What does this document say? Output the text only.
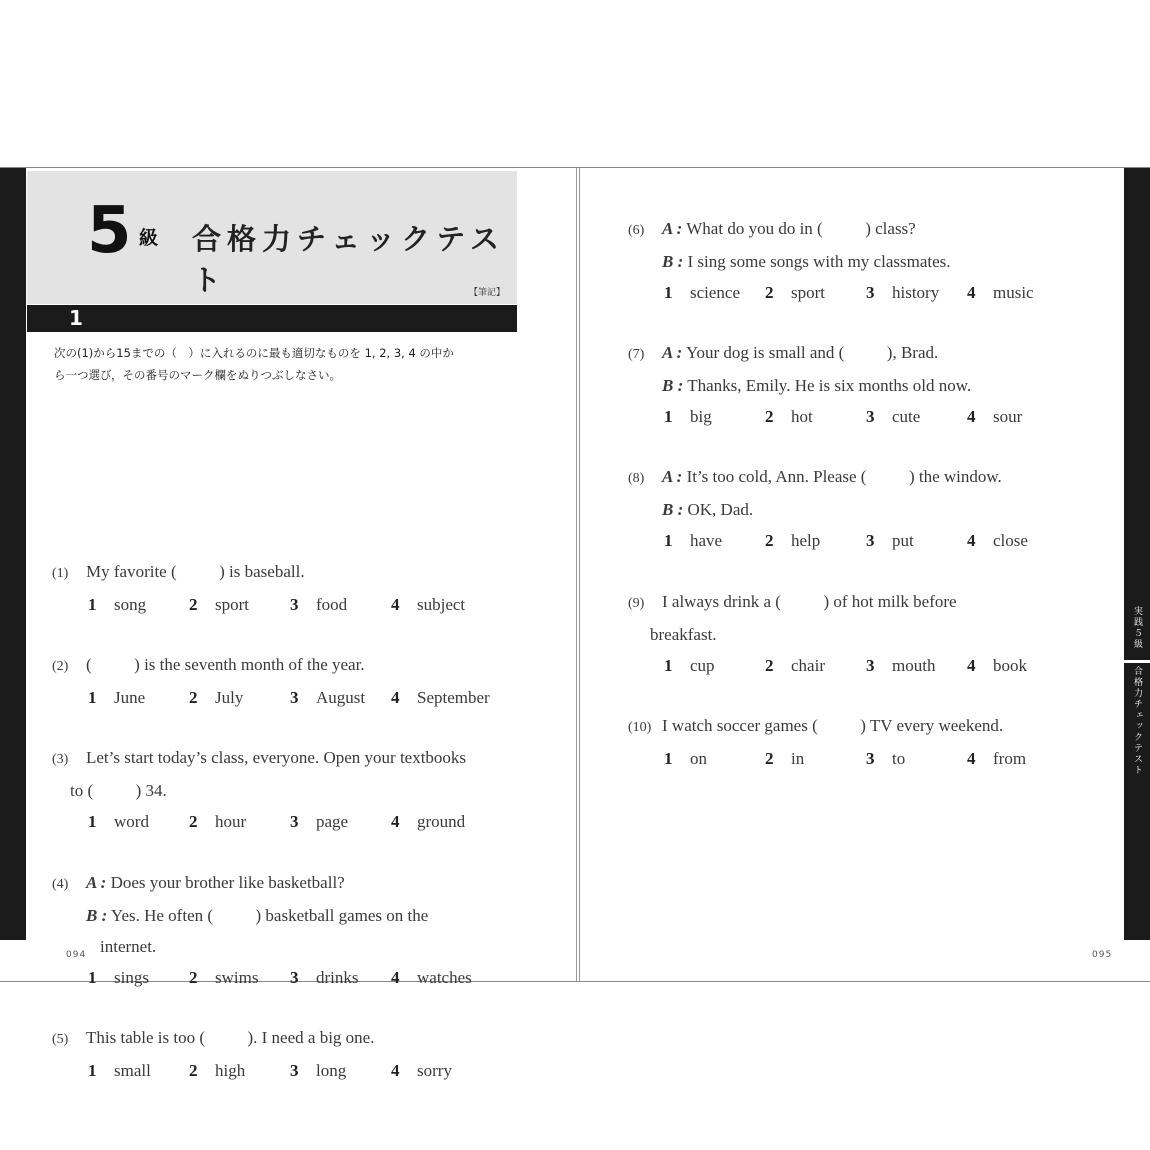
5 級 合格力チェックテスト	【筆記】
1
次の(1)から15までの（　）に入れるのに最も適切なものを 1, 2, 3, 4 の中か
ら一つ選び，その番号のマーク欄をぬりつぶしなさい。
(1) My favorite (          ) is baseball.
1 song	2 sport 3 food	4 subject
(2) (          ) is the seventh month of the year.
1 June	2 July	3 August 4 September
(3) Let’s start today’s class, everyone. Open your textbooks
to (          ) 34.
1 word 2 hour	3 page	4 ground
(4) A : Does your brother like basketball?
B : Yes. He often (          ) basketball games on the
internet.
1 sings 2 swims 3 drinks 4 watches
(5) This table is too (          ). I need a big one.
1 small 2 high	3 long	4 sorry
094
実践５級
合格力チェックテスト
(6) A : What do you do in (          ) class?
B : I sing some songs with my classmates.
1 science 2 sport 3 history 4 music
(7) A : Your dog is small and (          ), Brad.
B : Thanks, Emily. He is six months old now.
1 big	2 hot	3 cute	4 sour
(8) A : It’s too cold, Ann. Please (          ) the window.
B : OK, Dad.
1 have	2 help	3 put	4 close
(9) I always drink a (          ) of hot milk before
breakfast.
1 cup	2 chair 3 mouth 4 book
(10) I watch soccer games (          ) TV every weekend.
1 on	2 in	3 to	4 from
095
